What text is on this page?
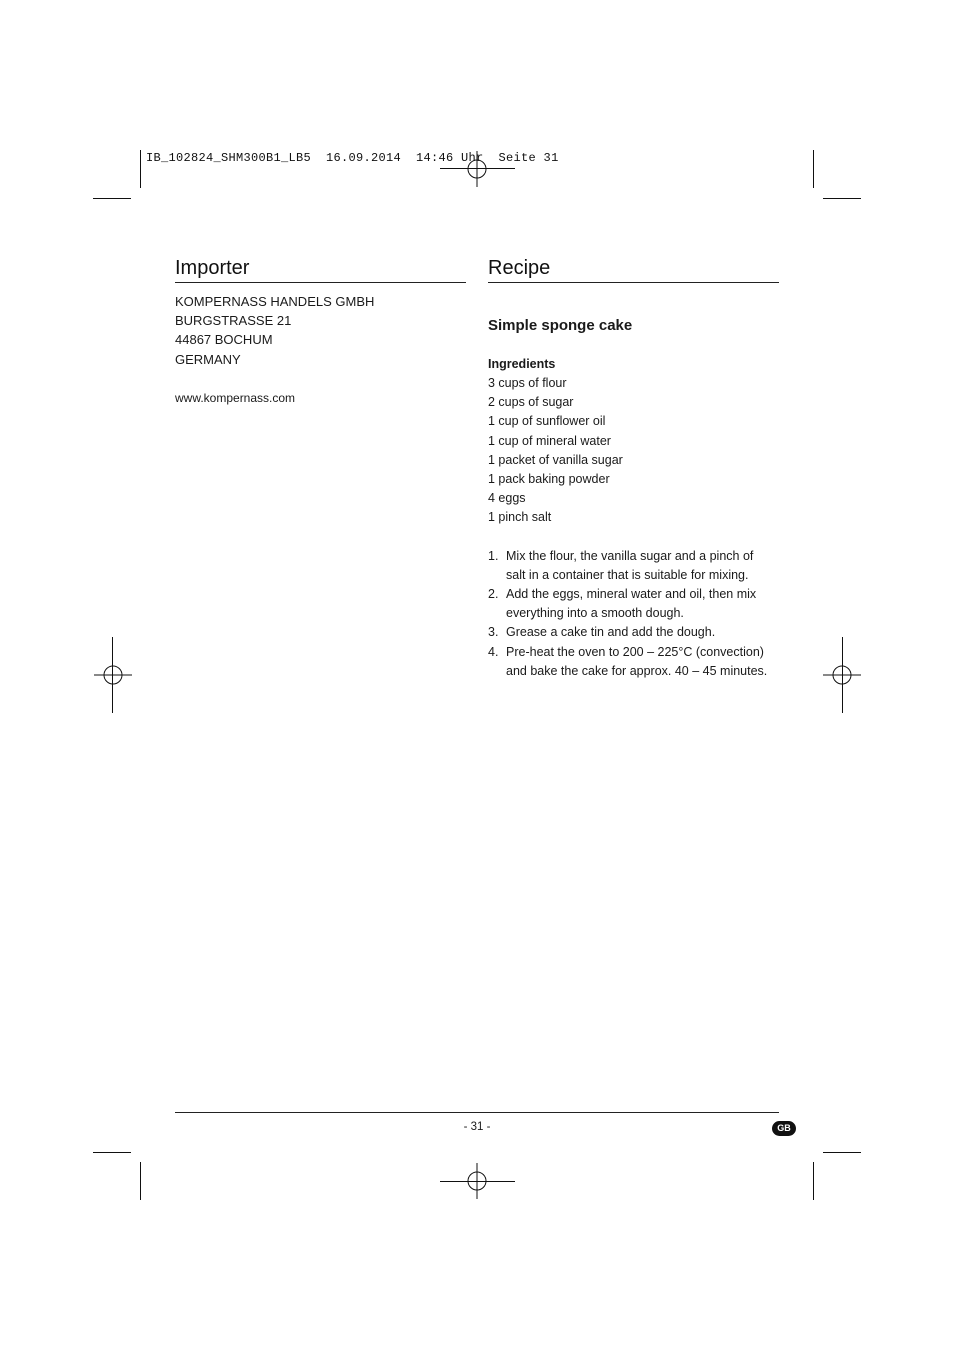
IB_102824_SHM300B1_LB5  16.09.2014  14:46 Uhr  Seite 31
Importer
KOMPERNASS HANDELS GMBH
BURGSTRASSE 21
44867 BOCHUM
GERMANY
www.kompernass.com
Recipe
Simple sponge cake
Ingredients
3 cups of flour
2 cups of sugar
1 cup of sunflower oil
1 cup of mineral water
1 packet of vanilla sugar
1 pack baking powder
4 eggs
1 pinch salt
1. Mix the flour, the vanilla sugar and a pinch of
salt in a container that is suitable for mixing.
2. Add the eggs, mineral water and oil, then mix
everything into a smooth dough.
3. Grease a cake tin and add the dough.
4. Pre-heat the oven to 200 – 225°C (convection)
and bake the cake for approx. 40 – 45 minutes.
- 31 -	GB
